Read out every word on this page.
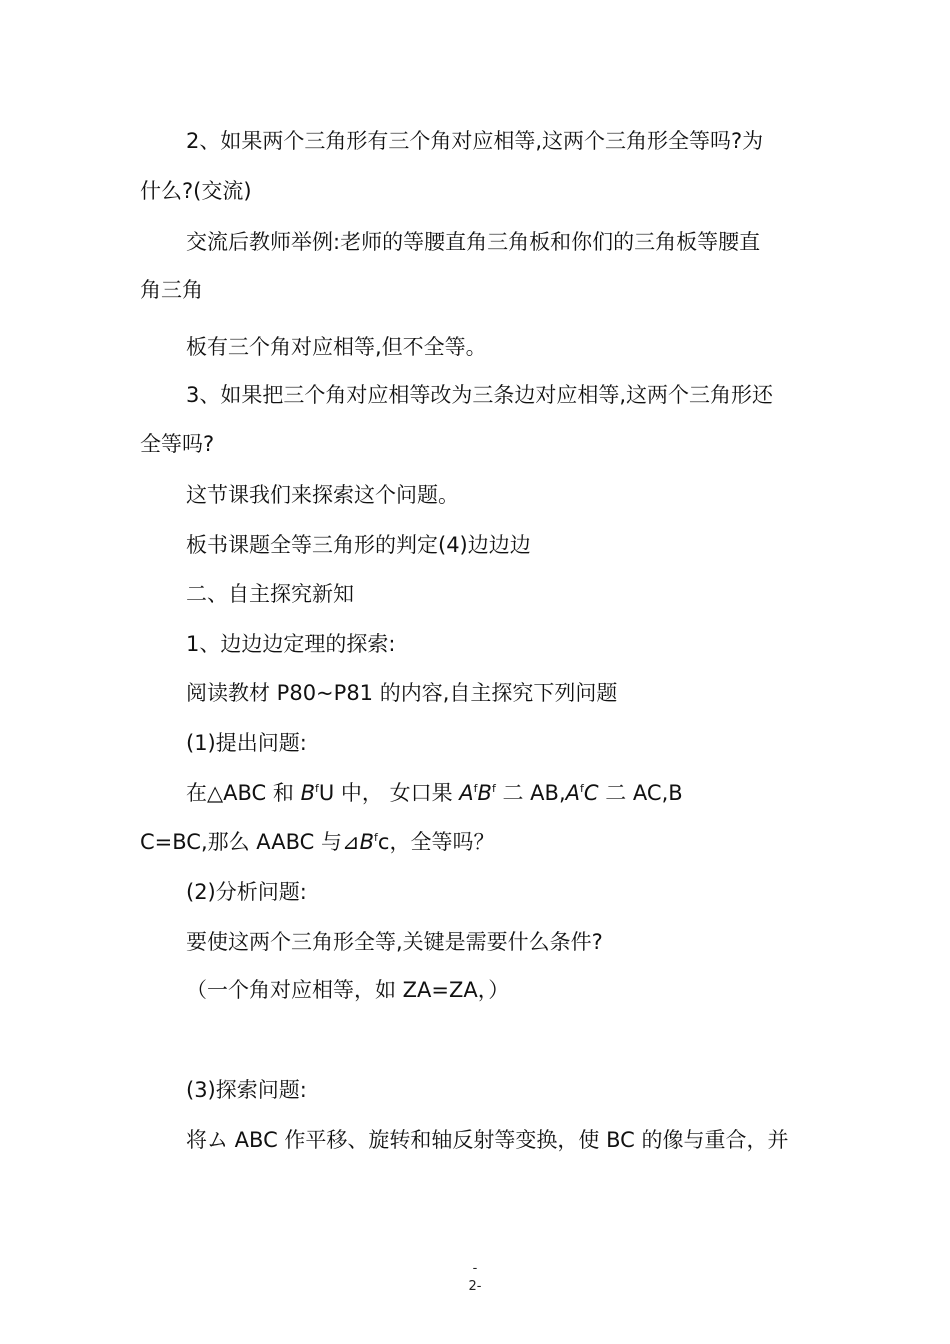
2、如果两个三角形有三个角对应相等,这两个三角形全等吗?为
什么?(交流)
交流后教师举例:老师的等腰直角三角板和你们的三角板等腰直
角三角
板有三个角对应相等,但不全等。
3、如果把三个角对应相等改为三条边对应相等,这两个三角形还
全等吗?
这节课我们来探索这个问题。
板书课题全等三角形的判定(4)边边边
二、自主探究新知
1、边边边定理的探索:
阅读教材 P80~P81 的内容,自主探究下列问题
(1)提出问题:
在△ABC 和 $B^fU$ 中， 女口果 $A^fB^f$ 二 $AB,A^fC$ 二 AC,B
C=BC,那么 AABC 与$⊿B^fc$，全等吗？
(2)分析问题:
要使这两个三角形全等,关键是需要什么条件?
（一个角对应相等，如 ZA=ZA，）
(3)探索问题:
将ム ABC 作平移、旋转和轴反射等变换，使 BC 的像与重合，并
-
2-
